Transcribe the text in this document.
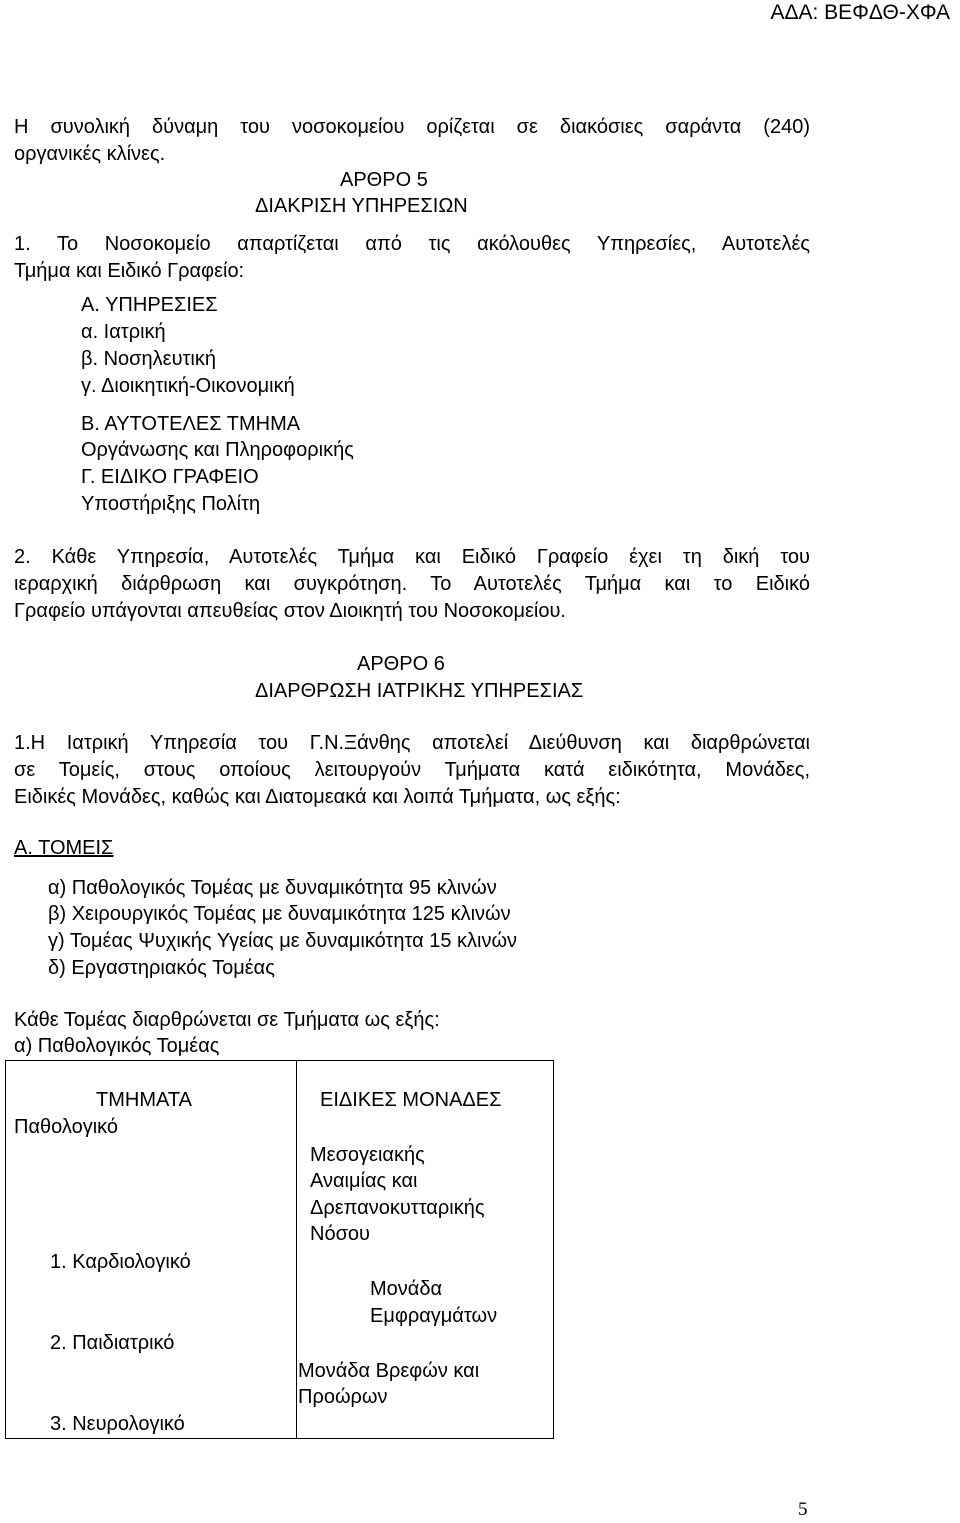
ΑΔΑ: ΒΕΦΔΘ-ΧΦΑ
Η συνολική δύναμη του νοσοκομείου ορίζεται σε διακόσιες σαράντα (240)
οργανικές κλίνες.
ΑΡΘΡΟ 5
ΔΙΑΚΡΙΣΗ ΥΠΗΡΕΣΙΩΝ
1. Το Νοσοκομείο απαρτίζεται από τις ακόλουθες Υπηρεσίες, Αυτοτελές
Τμήμα και Ειδικό Γραφείο:
Α. ΥΠΗΡΕΣΙΕΣ
α. Ιατρική
β. Νοσηλευτική
γ. Διοικητική-Οικονομική
Β. ΑΥΤΟΤΕΛΕΣ ΤΜΗΜΑ
Οργάνωσης και Πληροφορικής
Γ. ΕΙΔΙΚΟ ΓΡΑΦΕΙΟ
Υποστήριξης Πολίτη
2. Κάθε Υπηρεσία, Αυτοτελές Τμήμα και Ειδικό Γραφείο έχει τη δική του
ιεραρχική διάρθρωση και συγκρότηση. Το Αυτοτελές Τμήμα και το Ειδικό
Γραφείο υπάγονται απευθείας στον Διοικητή του Νοσοκομείου.
ΑΡΘΡΟ 6
ΔΙΑΡΘΡΩΣΗ ΙΑΤΡΙΚΗΣ ΥΠΗΡΕΣΙΑΣ
1.Η Ιατρική Υπηρεσία του Γ.Ν.Ξάνθης αποτελεί Διεύθυνση και διαρθρώνεται
σε Τομείς, στους οποίους λειτουργούν Τμήματα κατά ειδικότητα, Μονάδες,
Ειδικές Μονάδες, καθώς και Διατομεακά και λοιπά Τμήματα, ως εξής:
Α. ΤΟΜΕΙΣ
α) Παθολογικός Τομέας με δυναμικότητα 95 κλινών
β) Χειρουργικός Τομέας με δυναμικότητα 125 κλινών
γ) Τομέας Ψυχικής Υγείας με δυναμικότητα 15 κλινών
δ) Εργαστηριακός Τομέας
Κάθε Τομέας διαρθρώνεται σε Τμήματα ως εξής:
α) Παθολογικός Τομέας
ΤΜΗΜΑΤΑ	ΕΙΔΙΚΕΣ ΜΟΝΑΔΕΣ
Παθολογικό
Μεσογειακής
Αναιμίας και
Δρεπανοκυτταρικής
Νόσου
1. Καρδιολογικό
Μονάδα
Εμφραγμάτων
2. Παιδιατρικό
Μονάδα Βρεφών και
Προώρων
3. Νευρολογικό
5
